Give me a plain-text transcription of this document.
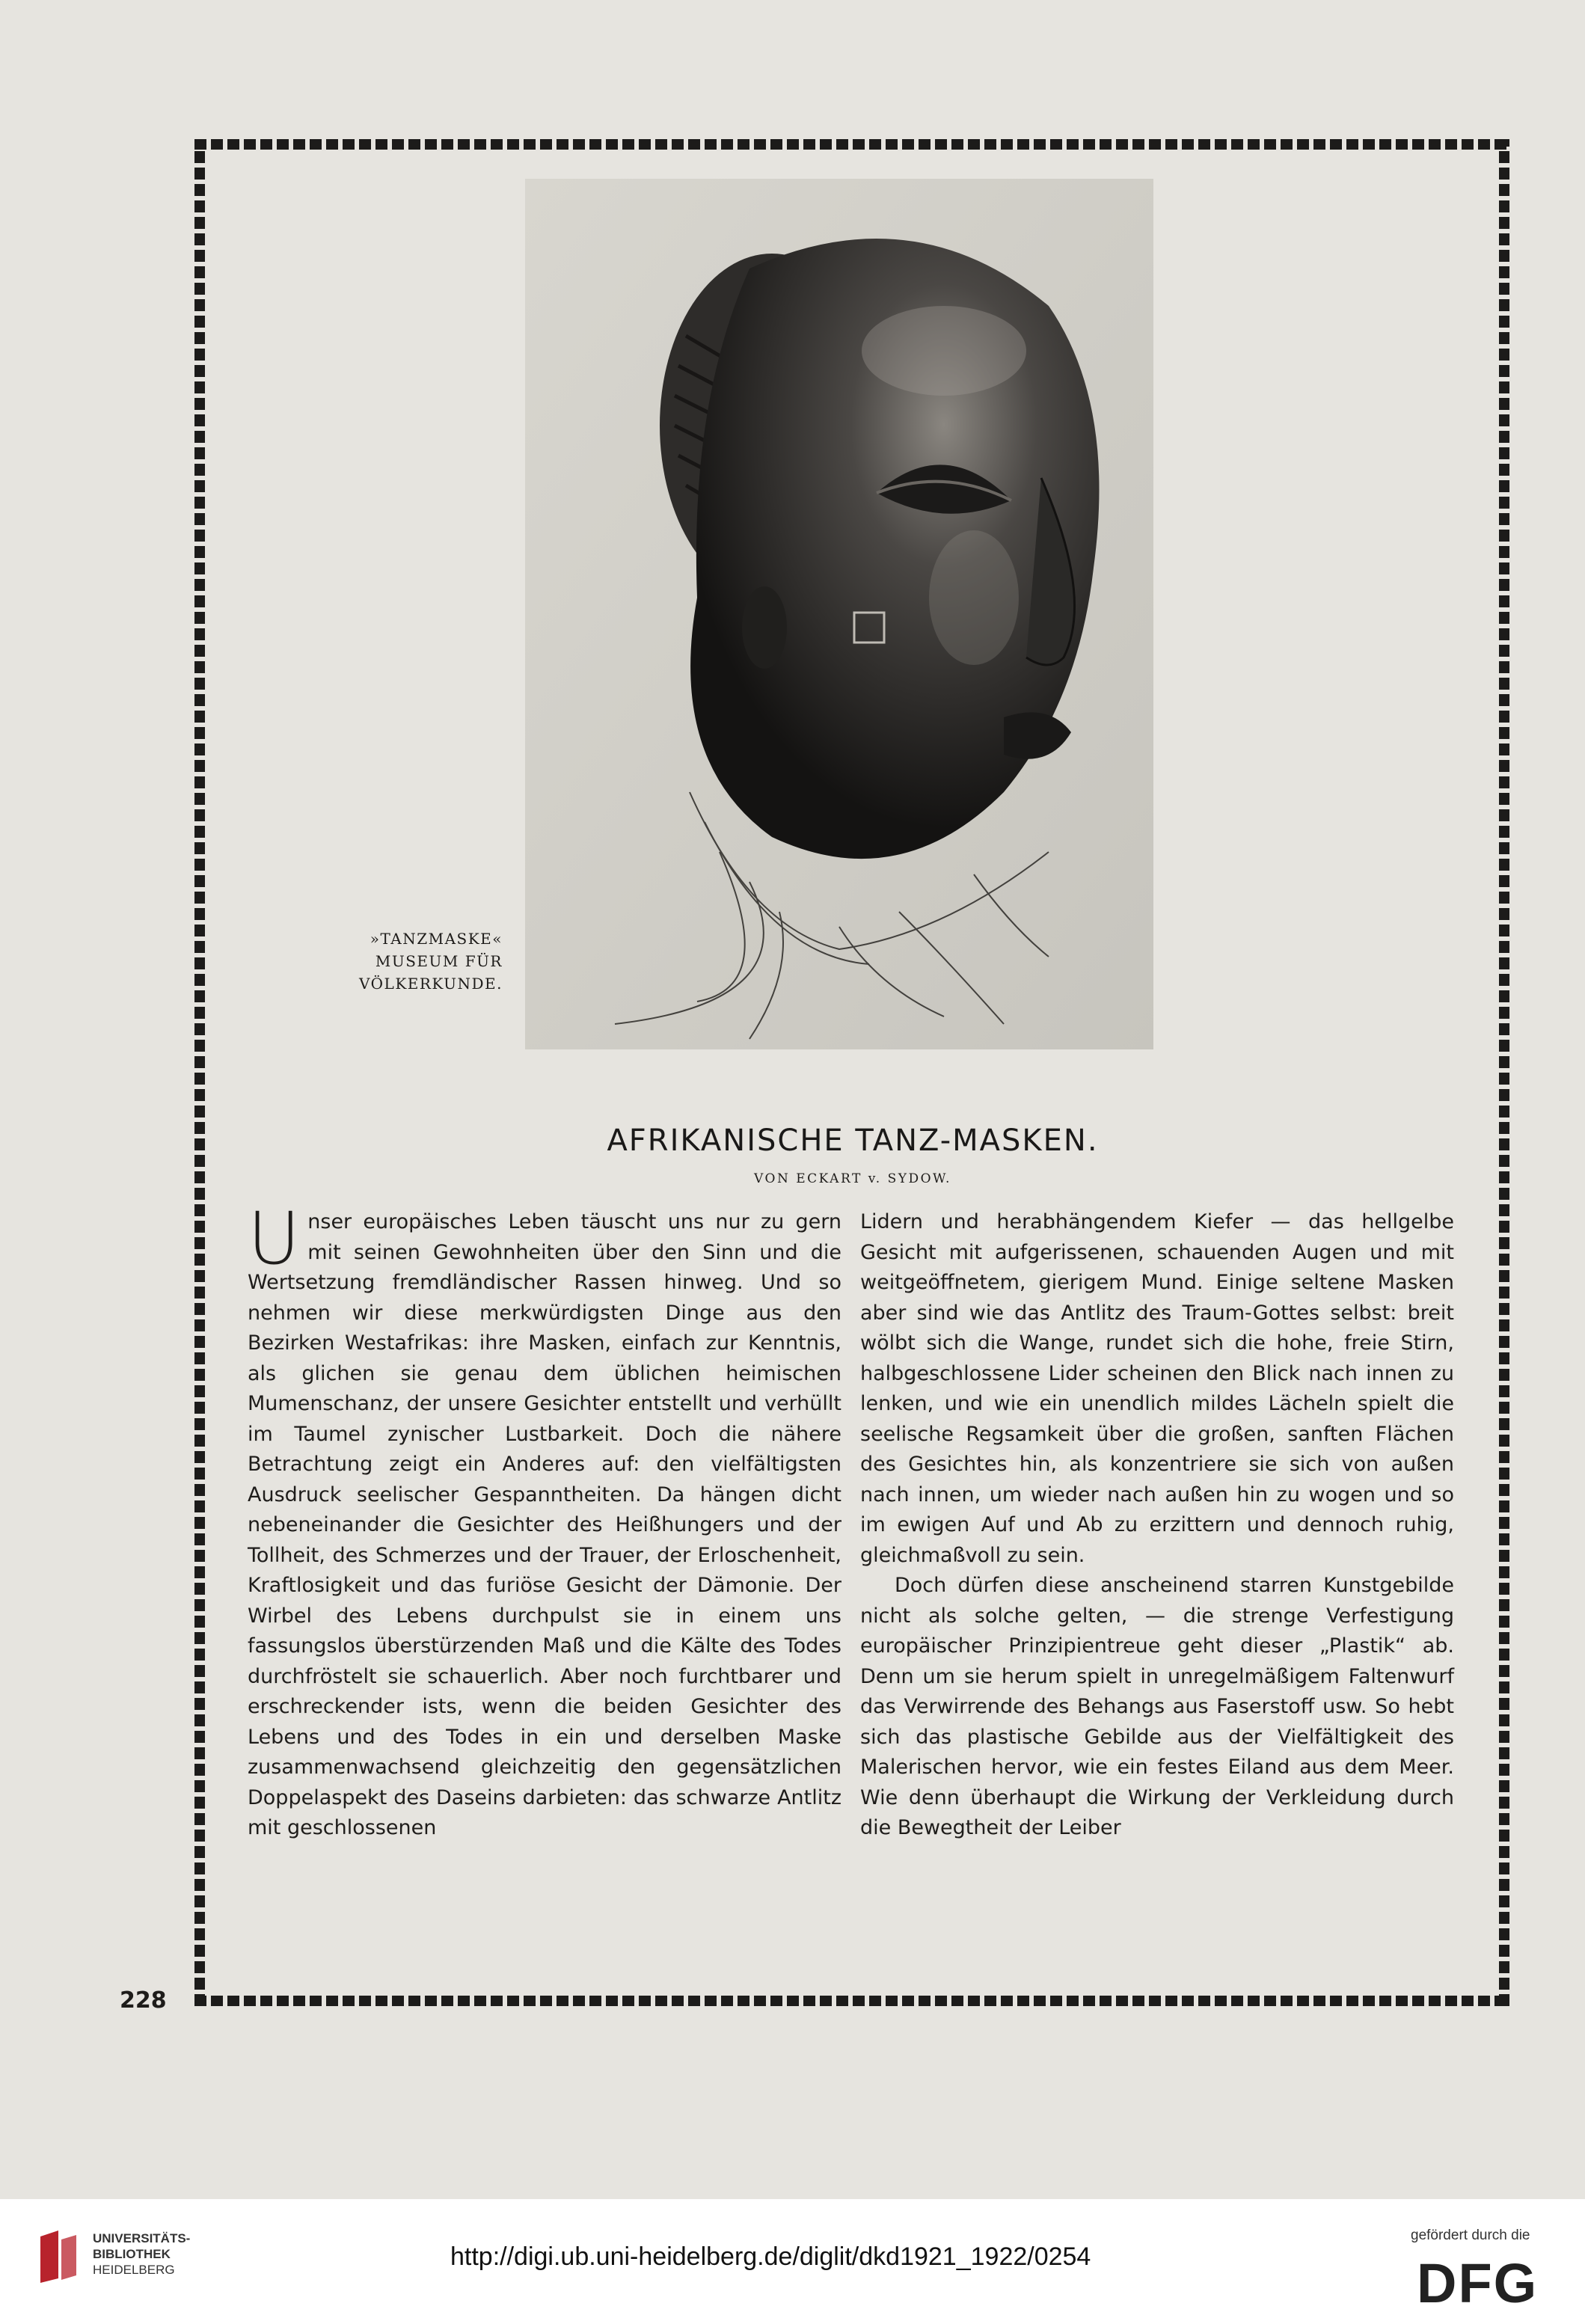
»TANZMASKE«
MUSEUM FÜR
VÖLKERKUNDE.
AFRIKANISCHE TANZ-MASKEN.
VON ECKART v. SYDOW.

Unser europäisches Leben täuscht uns nur zu gern mit seinen Gewohnheiten über den Sinn und die Wertsetzung fremdländischer Rassen hinweg. Und so nehmen wir diese merkwürdigsten Dinge aus den Bezirken Westafrikas: ihre Masken, einfach zur Kenntnis, als glichen sie genau dem üblichen heimischen Mumenschanz, der unsere Gesichter entstellt und verhüllt im Taumel zynischer Lustbarkeit. Doch die nähere Betrachtung zeigt ein Anderes auf: den vielfältigsten Ausdruck seelischer Gespanntheiten. Da hängen dicht nebeneinander die Gesichter des Heißhungers und der Tollheit, des Schmerzes und der Trauer, der Erloschenheit, Kraftlosigkeit und das furiöse Gesicht der Dämonie. Der Wirbel des Lebens durchpulst sie in einem uns fassungslos überstürzenden Maß und die Kälte des Todes durchfröstelt sie schauerlich. Aber noch furchtbarer und erschreckender ists, wenn die beiden Gesichter des Lebens und des Todes in ein und derselben Maske zusammenwachsend gleichzeitig den gegensätzlichen Doppelaspekt des Daseins darbieten: das schwarze Antlitz mit geschlossenen

Lidern und herabhängendem Kiefer — das hellgelbe Gesicht mit aufgerissenen, schauenden Augen und mit weitgeöffnetem, gierigem Mund. Einige seltene Masken aber sind wie das Antlitz des Traum-Gottes selbst: breit wölbt sich die Wange, rundet sich die hohe, freie Stirn, halbgeschlossene Lider scheinen den Blick nach innen zu lenken, und wie ein unendlich mildes Lächeln spielt die seelische Regsamkeit über die großen, sanften Flächen des Gesichtes hin, als konzentriere sie sich von außen nach innen, um wieder nach außen hin zu wogen und so im ewigen Auf und Ab zu erzittern und dennoch ruhig, gleichmaßvoll zu sein.

Doch dürfen diese anscheinend starren Kunstgebilde nicht als solche gelten, — die strenge Verfestigung europäischer Prinzipientreue geht dieser „Plastik“ ab. Denn um sie herum spielt in unregelmäßigem Faltenwurf das Verwirrende des Behangs aus Faserstoff usw. So hebt sich das plastische Gebilde aus der Vielfältigkeit des Malerischen hervor, wie ein festes Eiland aus dem Meer. Wie denn überhaupt die Wirkung der Verkleidung durch die Bewegtheit der Leiber

228
UNIVERSITÄTS-
BIBLIOTHEK
HEIDELBERG	http://digi.ub.uni-heidelberg.de/diglit/dkd1921_1922/0254
gefördert durch die
DFG
